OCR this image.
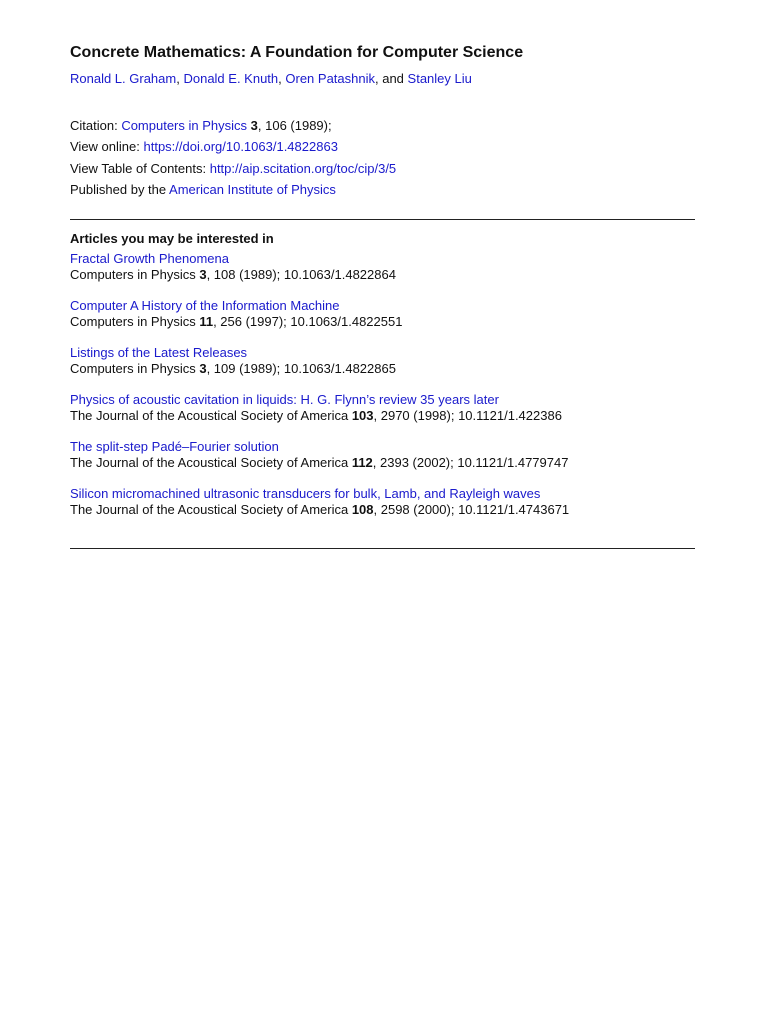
Concrete Mathematics: A Foundation for Computer Science
Ronald L. Graham, Donald E. Knuth, Oren Patashnik, and Stanley Liu
Citation: Computers in Physics 3, 106 (1989);
View online: https://doi.org/10.1063/1.4822863
View Table of Contents: http://aip.scitation.org/toc/cip/3/5
Published by the American Institute of Physics
Articles you may be interested in
Fractal Growth Phenomena
Computers in Physics 3, 108 (1989); 10.1063/1.4822864
Computer A History of the Information Machine
Computers in Physics 11, 256 (1997); 10.1063/1.4822551
Listings of the Latest Releases
Computers in Physics 3, 109 (1989); 10.1063/1.4822865
Physics of acoustic cavitation in liquids: H. G. Flynn’s review 35 years later
The Journal of the Acoustical Society of America 103, 2970 (1998); 10.1121/1.422386
The split-step Padé–Fourier solution
The Journal of the Acoustical Society of America 112, 2393 (2002); 10.1121/1.4779747
Silicon micromachined ultrasonic transducers for bulk, Lamb, and Rayleigh waves
The Journal of the Acoustical Society of America 108, 2598 (2000); 10.1121/1.4743671
